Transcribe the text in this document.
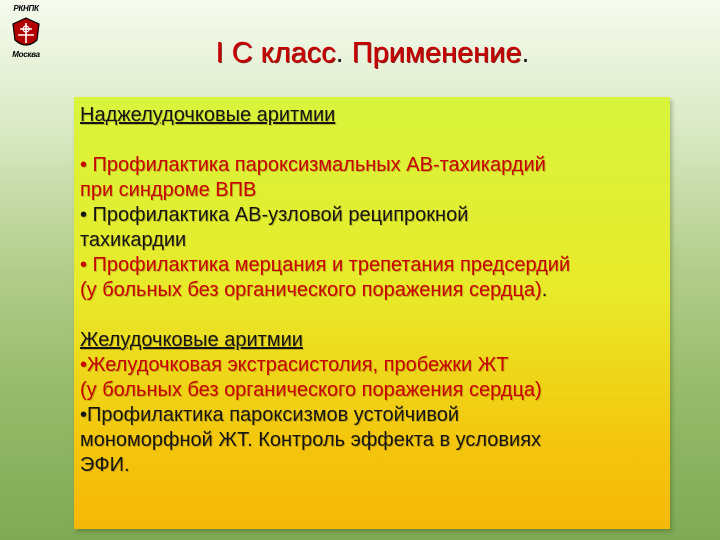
РКНПК
Москва	I С класс. Применение.
Наджелудочковые аритмии
• Профилактика пароксизмальных АВ-тахикардий
при синдроме ВПВ
• Профилактика АВ-узловой реципрокной
тахикардии
• Профилактика мерцания и трепетания предсердий
(у больных без органического поражения сердца).
Желудочковые аритмии
•Желудочковая экстрасистолия, пробежки ЖТ
(у больных без органического поражения сердца)
•Профилактика пароксизмов устойчивой
мономорфной ЖТ. Контроль эффекта в условиях
ЭФИ.
